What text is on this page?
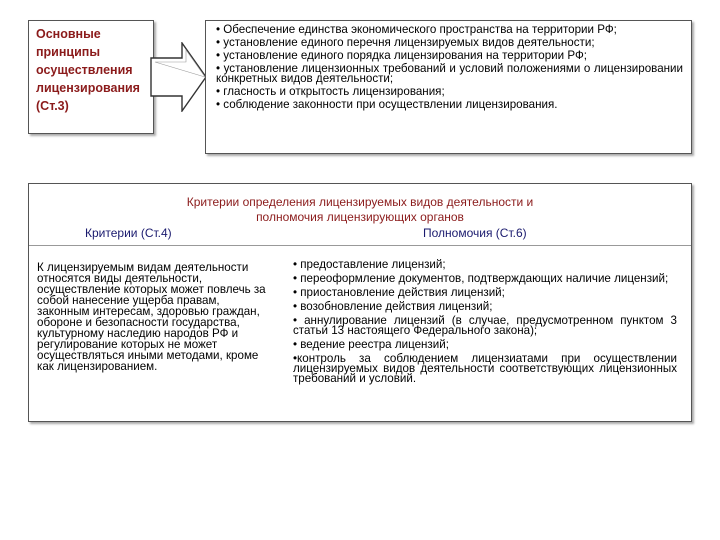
Основные
принципы
осуществления
лицензирования
(Ст.3)
• Обеспечение единства экономического пространства на территории РФ;
• установление единого перечня лицензируемых видов деятельности;
• установление единого порядка лицензирования на территории РФ;
• установление лицензионных требований и условий положениями о лицензировании конкретных видов деятельности;
• гласность и открытость лицензирования;
• соблюдение законности при осуществлении лицензирования.
Критерии определения лицензируемых видов деятельности и
полномочия лицензирующих органов
Критерии (Ст.4)	Полномочия (Ст.6)
К лицензируемым видам деятельности относятся виды деятельности, осуществление которых может повлечь за собой нанесение ущерба правам, законным интересам, здоровью граждан, обороне и безопасности государства, культурному наследию народов РФ и регулирование которых не может осуществляться иными методами, кроме как лицензированием.
• предоставление лицензий;
• переоформление документов, подтверждающих наличие лицензий;
• приостановление действия лицензий;
• возобновление действия лицензий;
• аннулирование лицензий (в случае, предусмотренном пунктом 3 статьи 13 настоящего Федерального закона);
• ведение реестра лицензий;
•контроль за соблюдением лицензиатами при осуществлении лицензируемых видов деятельности соответствующих лицензионных требований и условий.
